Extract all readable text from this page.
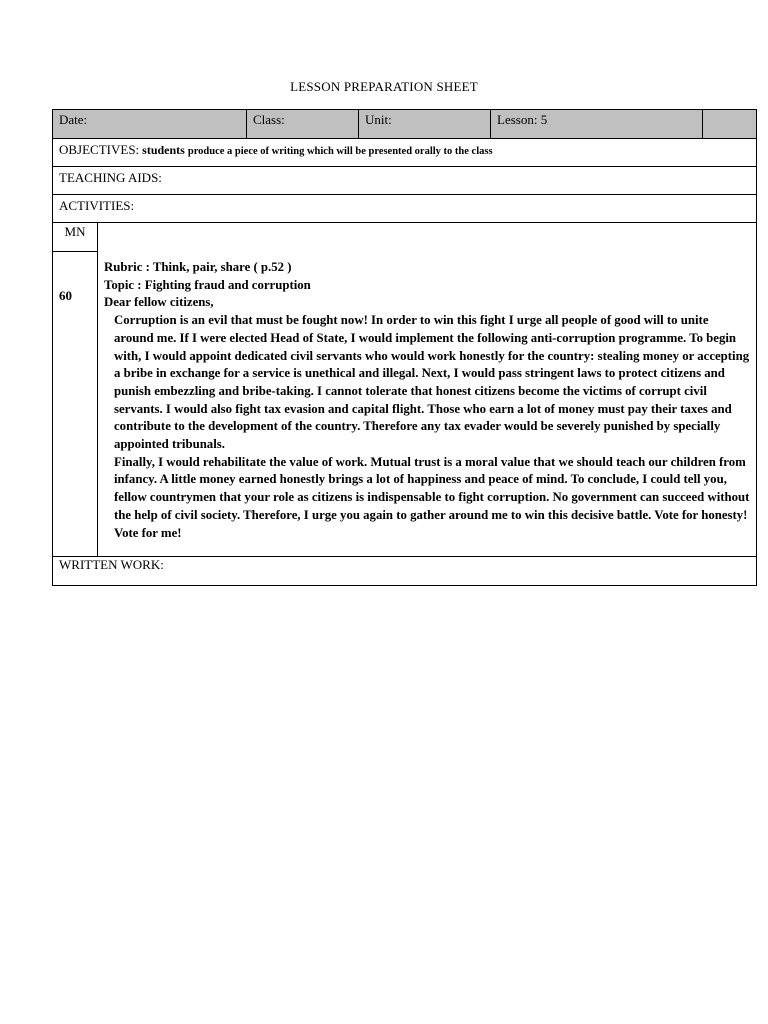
LESSON PREPARATION SHEET
Date:	Class:	Unit:	Lesson: 5
OBJECTIVES: students produce a piece of writing which will be presented orally to the class
TEACHING AIDS:
ACTIVITIES:
MN
60

Rubric : Think, pair, share ( p.52 )

Topic : Fighting fraud and corruption

Dear fellow citizens,

Corruption is an evil that must be fought now! In order to win this fight I urge all people of good will to unite around me. If I were elected Head of State, I would implement the following anti-corruption programme. To begin with, I would appoint dedicated civil servants who would work honestly for the country: stealing money or accepting a bribe in exchange for a service is unethical and illegal. Next, I would pass stringent laws to protect citizens and punish embezzling and bribe-taking. I cannot tolerate that honest citizens become the victims of corrupt civil servants. I would also fight tax evasion and capital flight. Those who earn a lot of money must pay their taxes and contribute to the development of the country. Therefore any tax evader would be severely punished by specially appointed tribunals.

Finally, I would rehabilitate the value of work. Mutual trust is a moral value that we should teach our children from infancy. A little money earned honestly brings a lot of happiness and peace of mind. To conclude, I could tell you, fellow countrymen that your role as citizens is indispensable to fight corruption. No government can succeed without the help of civil society. Therefore, I urge you again to gather around me to win this decisive battle. Vote for honesty! Vote for me!

WRITTEN WORK:
